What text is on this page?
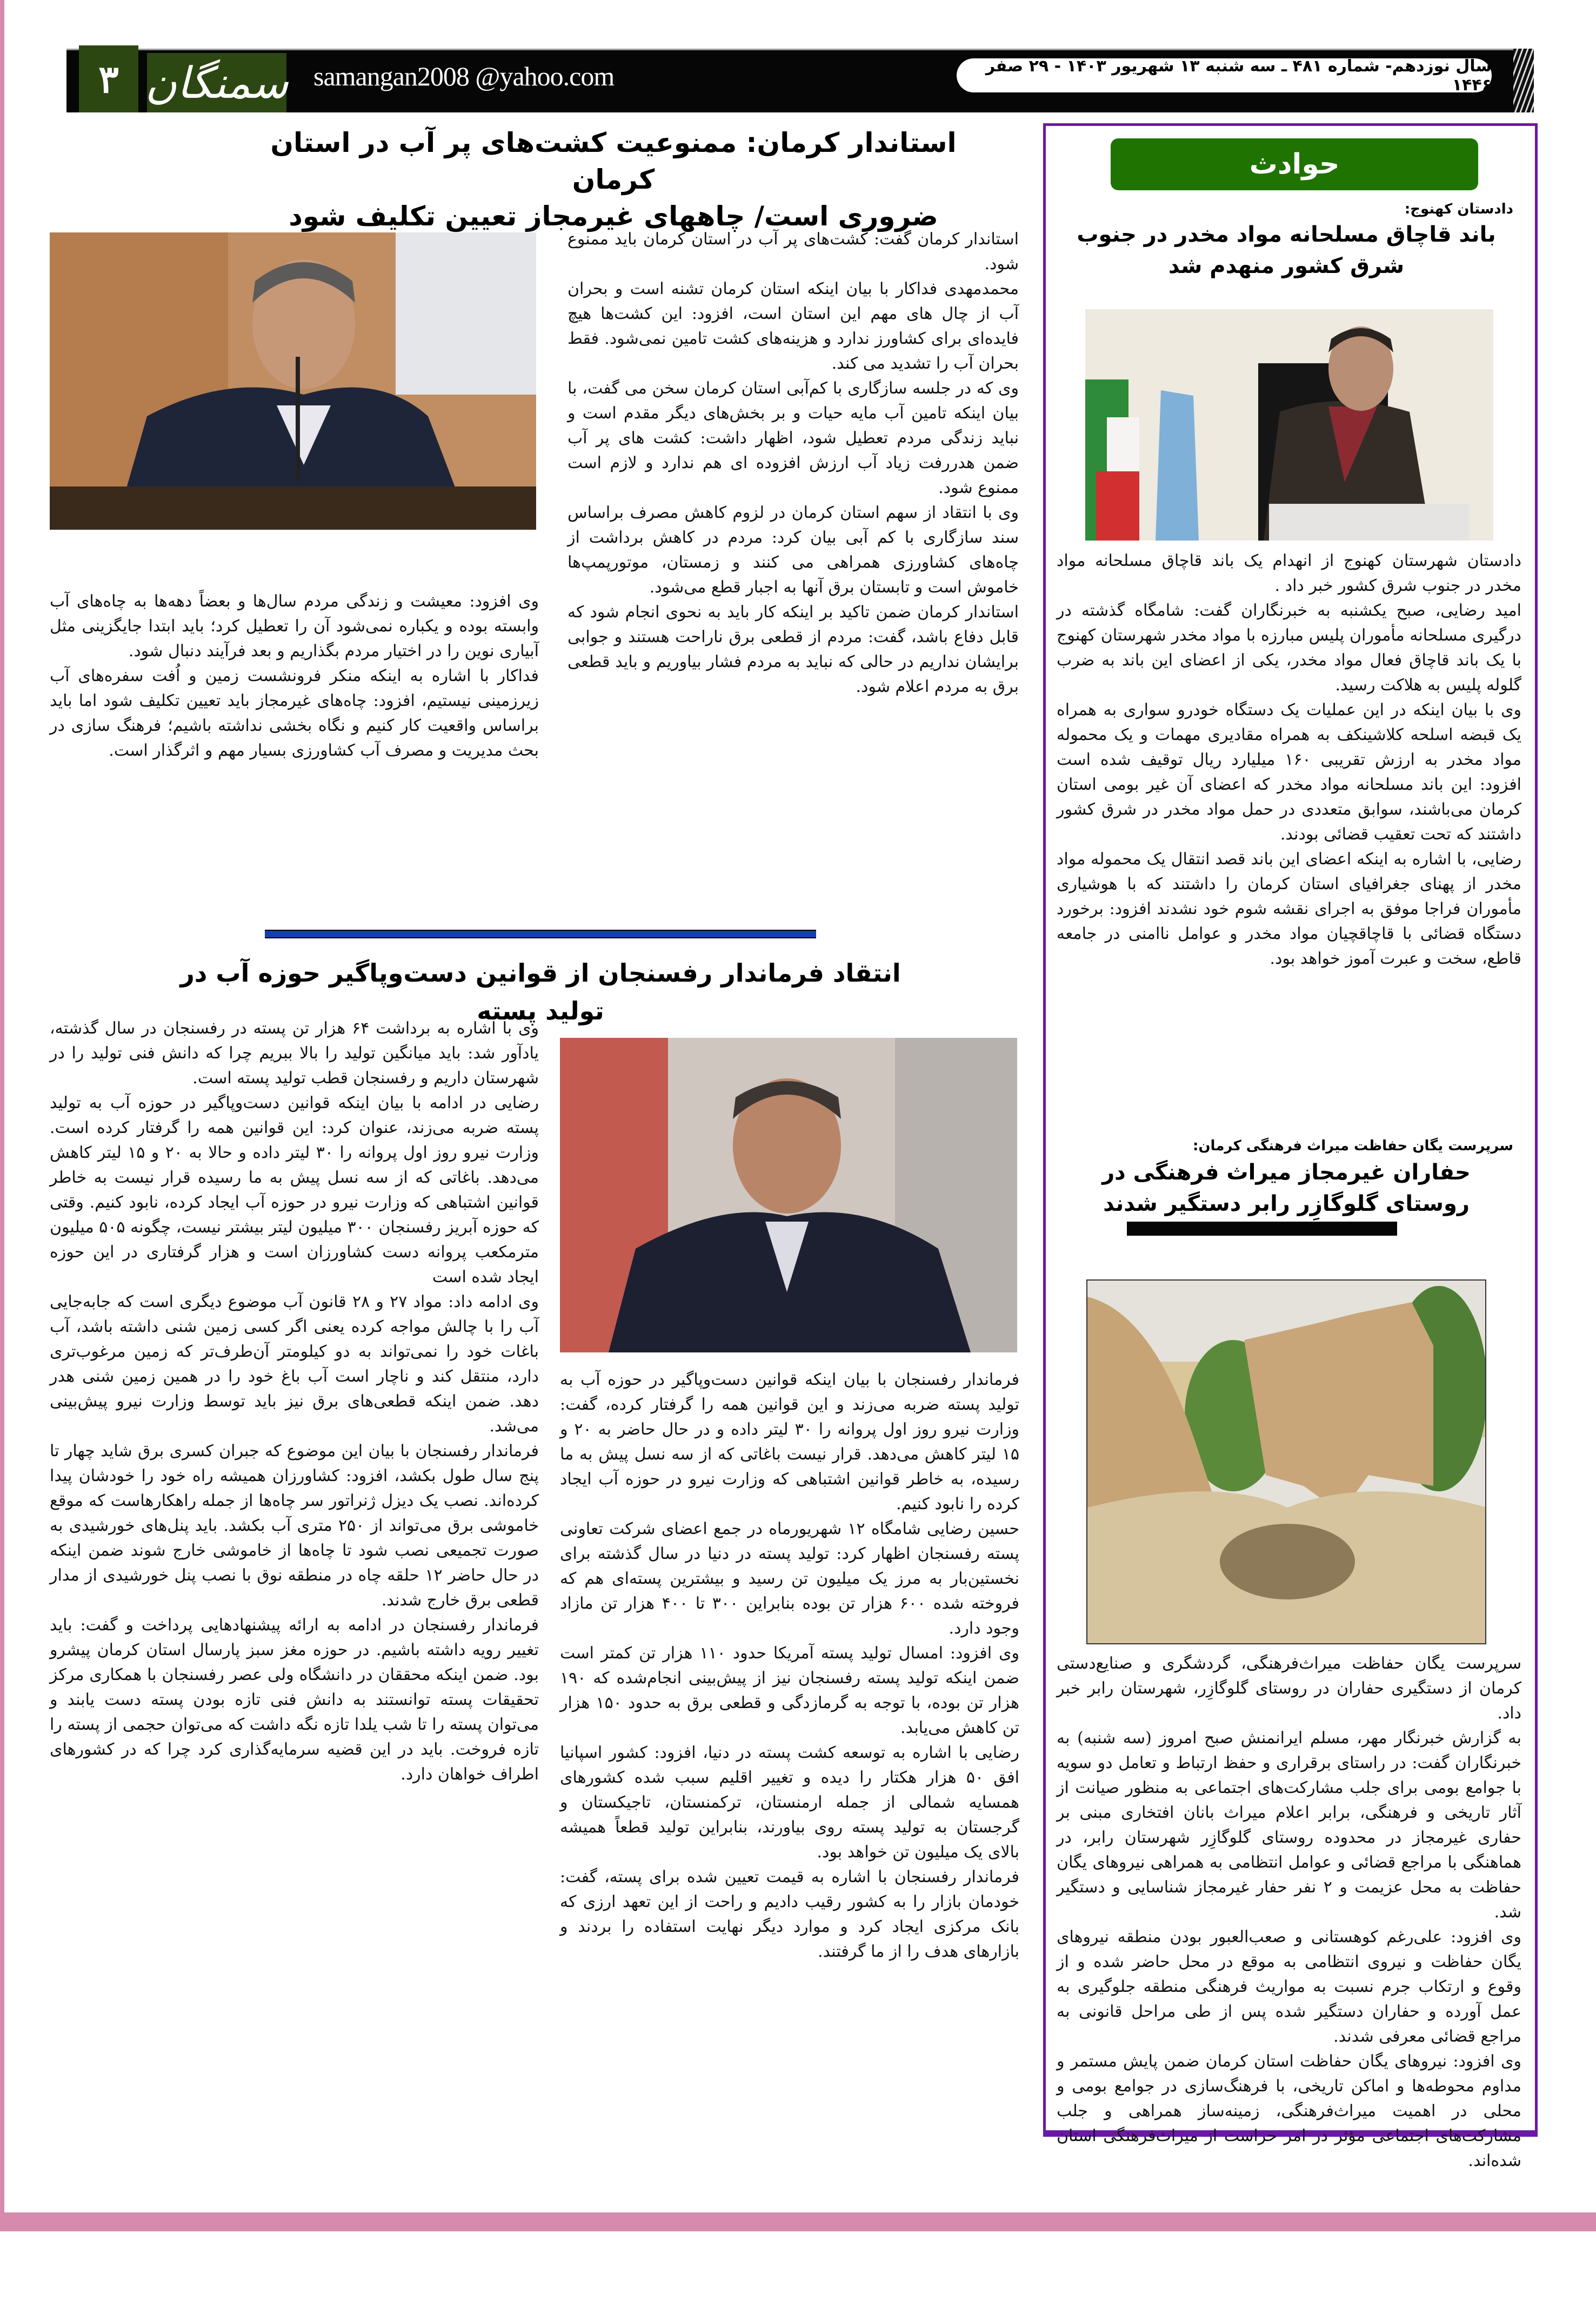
۳ سمنگان samangan2008 @yahoo.com	سال نوزدهم- شماره ۴۸۱ ـ سه شنبه ۱۳ شهریور ۱۴۰۳ - ۲۹ صفر ۱۴۴۶
استاندار کرمان: ممنوعیت کشت‌های پر آب در استان کرمان
ضروری است/ چاههای غیرمجاز تعیین تکلیف شود

استاندار کرمان گفت: کشت‌های پر آب در استان کرمان باید ممنوع شود.

محمدمهدی فداکار با بیان اینکه استان کرمان تشنه است و بحران آب از چال های مهم این استان است، افزود: این کشت‌ها هیچ فایده‌ای برای کشاورز ندارد و هزینه‌های کشت تامین نمی‌شود. فقط بحران آب را تشدید می کند.

وی که در جلسه سازگاری با کم‌آبی استان کرمان سخن می گفت، با بیان اینکه تامین آب مایه حیات و بر بخش‌های دیگر مقدم است و نباید زندگی مردم تعطیل شود، اظهار داشت: کشت های پر آب ضمن هدررفت زیاد آب ارزش افزوده ای هم ندارد و لازم است ممنوع شود.

وی با انتقاد از سهم استان کرمان در لزوم کاهش مصرف براساس سند سازگاری با کم آبی بیان کرد: مردم در کاهش برداشت از چاه‌های کشاورزی همراهی می کنند و زمستان، موتورپمپ‌ها خاموش است و تابستان برق آنها به اجبار قطع می‌شود.

استاندار کرمان ضمن تاکید بر اینکه کار باید به نحوی انجام شود که قابل دفاع باشد، گفت: مردم از قطعی برق ناراحت هستند و جوابی برایشان نداریم در حالی که نباید به مردم فشار بیاوریم و باید قطعی برق به مردم اعلام شود.

وی افزود: معیشت و زندگی مردم سال‌ها و بعضاً دهه‌ها به چاه‌های آب وابسته بوده و یکباره نمی‌شود آن را تعطیل کرد؛ باید ابتدا جایگزینی مثل آبیاری نوین را در اختیار مردم بگذاریم و بعد فرآیند دنبال شود.

فداکار با اشاره به اینکه منکر فرونشست زمین و اُفت سفره‌های آب زیرزمینی نیستیم، افزود: چاه‌های غیرمجاز باید تعیین تکلیف شود اما باید براساس واقعیت کار کنیم و نگاه بخشی نداشته باشیم؛ فرهنگ سازی در بحث مدیریت و مصرف آب کشاورزی بسیار مهم و اثرگذار است.

انتقاد فرماندار رفسنجان از قوانین دست‌وپاگیر حوزه آب در تولید پسته

فرماندار رفسنجان با بیان اینکه قوانین دست‌وپاگیر در حوزه آب به تولید پسته ضربه می‌زند و این قوانین همه را گرفتار کرده، گفت: وزارت نیرو روز اول پروانه را ۳۰ لیتر داده و در حال حاضر به ۲۰ و ۱۵ لیتر کاهش می‌دهد. قرار نیست باغاتی که از سه نسل پیش به ما رسیده، به خاطر قوانین اشتباهی که وزارت نیرو در حوزه آب ایجاد کرده را نابود کنیم.

حسین رضایی شامگاه ۱۲ شهریورماه در جمع اعضای شرکت تعاونی پسته رفسنجان اظهار کرد: تولید پسته در دنیا در سال گذشته برای نخستین‌بار به مرز یک میلیون تن رسید و بیشترین پسته‌ای هم که فروخته شده ۶۰۰ هزار تن بوده بنابراین ۳۰۰ تا ۴۰۰ هزار تن مازاد وجود دارد.

وی افزود: امسال تولید پسته آمریکا حدود ۱۱۰ هزار تن کمتر است ضمن اینکه تولید پسته رفسنجان نیز از پیش‌بینی انجام‌شده که ۱۹۰ هزار تن بوده، با توجه به گرمازدگی و قطعی برق به حدود ۱۵۰ هزار تن کاهش می‌یابد.

رضایی با اشاره به توسعه کشت پسته در دنیا، افزود: کشور اسپانیا افق ۵۰ هزار هکتار را دیده و تغییر اقلیم سبب شده کشورهای همسایه شمالی از جمله ارمنستان، ترکمنستان، تاجیکستان و گرجستان به تولید پسته روی بیاورند، بنابراین تولید قطعاً همیشه بالای یک میلیون تن خواهد بود.

فرماندار رفسنجان با اشاره به قیمت تعیین شده برای پسته، گفت: خودمان بازار را به کشور رقیب دادیم و راحت از این تعهد ارزی که بانک مرکزی ایجاد کرد و موارد دیگر نهایت استفاده را بردند و بازارهای هدف را از ما گرفتند.

وی با اشاره به برداشت ۶۴ هزار تن پسته در رفسنجان در سال گذشته، یادآور شد: باید میانگین تولید را بالا ببریم چرا که دانش فنی تولید را در شهرستان داریم و رفسنجان قطب تولید پسته است.

رضایی در ادامه با بیان اینکه قوانین دست‌وپاگیر در حوزه آب به تولید پسته ضربه می‌زند، عنوان کرد: این قوانین همه را گرفتار کرده است. وزارت نیرو روز اول پروانه را ۳۰ لیتر داده و حالا به ۲۰ و ۱۵ لیتر کاهش می‌دهد. باغاتی که از سه نسل پیش به ما رسیده قرار نیست به خاطر قوانین اشتباهی که وزارت نیرو در حوزه آب ایجاد کرده، نابود کنیم. وقتی که حوزه آبریز رفسنجان ۳۰۰ میلیون لیتر بیشتر نیست، چگونه ۵۰۵ میلیون مترمکعب پروانه دست کشاورزان است و هزار گرفتاری در این حوزه ایجاد شده است

وی ادامه داد: مواد ۲۷ و ۲۸ قانون آب موضوع دیگری است که جابه‌جایی آب را با چالش مواجه کرده یعنی اگر کسی زمین شنی داشته باشد، آب باغات خود را نمی‌تواند به دو کیلومتر آن‌طرف‌تر که زمین مرغوب‌تری دارد، منتقل کند و ناچار است آب باغ خود را در همین زمین شنی هدر دهد. ضمن اینکه قطعی‌های برق نیز باید توسط وزارت نیرو پیش‌بینی می‌شد.

فرماندار رفسنجان با بیان این موضوع که جبران کسری برق شاید چهار تا پنج سال طول بکشد، افزود: کشاورزان همیشه راه خود را خودشان پیدا کرده‌اند. نصب یک دیزل ژنراتور سر چاه‌ها از جمله راهکارهاست که موقع خاموشی برق می‌تواند از ۲۵۰ متری آب بکشد. باید پنل‌های خورشیدی به صورت تجمیعی نصب شود تا چاه‌ها از خاموشی خارج شوند ضمن اینکه در حال حاضر ۱۲ حلقه چاه در منطقه نوق با نصب پنل خورشیدی از مدار قطعی برق خارج شدند.

فرماندار رفسنجان در ادامه به ارائه پیشنهادهایی پرداخت و گفت: باید تغییر رویه داشته باشیم. در حوزه مغز سبز پارسال استان کرمان پیشرو بود. ضمن اینکه محققان در دانشگاه ولی عصر رفسنجان با همکاری مرکز تحقیقات پسته توانستند به دانش فنی تازه بودن پسته دست یابند و می‌توان پسته را تا شب یلدا تازه نگه داشت که می‌توان حجمی از پسته را تازه فروخت. باید در این قضیه سرمایه‌گذاری کرد چرا که در کشورهای اطراف خواهان دارد.

حوادث
دادستان کهنوج:
باند قاچاق مسلحانه مواد مخدر در جنوب شرق کشور منهدم شد

دادستان شهرستان کهنوج از انهدام یک باند قاچاق مسلحانه مواد مخدر در جنوب شرق کشور خبر داد .

امید رضایی، صبح یکشنبه به خبرنگاران گفت: شامگاه گذشته در درگیری مسلحانه مأموران پلیس مبارزه با مواد مخدر شهرستان کهنوج با یک باند قاچاق فعال مواد مخدر، یکی از اعضای این باند به ضرب گلوله پلیس به هلاکت رسید.

وی با بیان اینکه در این عملیات یک دستگاه خودرو سواری به همراه یک قبضه اسلحه کلاشینکف به همراه مقادیری مهمات و یک محموله مواد مخدر به ارزش تقریبی ۱۶۰ میلیارد ریال توقیف شده است افزود: این باند مسلحانه مواد مخدر که اعضای آن غیر بومی استان کرمان می‌باشند، سوابق متعددی در حمل مواد مخدر در شرق کشور داشتند که تحت تعقیب قضائی بودند.

رضایی، با اشاره به اینکه اعضای این باند قصد انتقال یک محموله مواد مخدر از پهنای جغرافیای استان کرمان را داشتند که با هوشیاری مأموران فراجا موفق به اجرای نقشه شوم خود نشدند افزود: برخورد دستگاه قضائی با قاچاقچیان مواد مخدر و عوامل ناامنی در جامعه قاطع، سخت و عبرت آموز خواهد بود.

سرپرست یگان حفاظت میراث فرهنگی کرمان:

سرپرست یگان حفاظت میراث‌فرهنگی، گردشگری و صنایع‌دستی کرمان از دستگیری حفاران در روستای گلوگازِر، شهرستان رابر خبر داد.

به گزارش خبرنگار مهر، مسلم ایرانمنش صبح امروز (سه شنبه) به خبرنگاران گفت: در راستای برقراری و حفظ ارتباط و تعامل دو سویه با جوامع بومی برای جلب مشارکت‌های اجتماعی به منظور صیانت از آثار تاریخی و فرهنگی، برابر اعلام میراث بانان افتخاری مبنی بر حفاری غیرمجاز در محدوده روستای گلوگازِر شهرستان رابر، در هماهنگی با مراجع قضائی و عوامل انتظامی به همراهی نیروهای یگان حفاظت به محل عزیمت و ۲ نفر حفار غیرمجاز شناسایی و دستگیر شد.

وی افزود: علی‌رغم کوهستانی و صعب‌العبور بودن منطقه نیروهای یگان حفاظت و نیروی انتظامی به موقع در محل حاضر شده و از وقوع و ارتکاب جرم نسبت به مواریث فرهنگی منطقه جلوگیری به عمل آورده و حفاران دستگیر شده پس از طی مراحل قانونی به مراجع قضائی معرفی شدند.

وی افزود: نیروهای یگان حفاظت استان کرمان ضمن پایش مستمر و مداوم محوطه‌ها و اماکن تاریخی، با فرهنگ‌سازی در جوامع بومی و محلی در اهمیت میراث‌فرهنگی، زمینه‌ساز همراهی و جلب مشارکت‌های اجتماعی مؤثر در امر حراست از میراث‌فرهنگی استان شده‌اند.

حفاران غیرمجاز میراث فرهنگی در روستای گلوگازِر رابر دستگیر شدند
